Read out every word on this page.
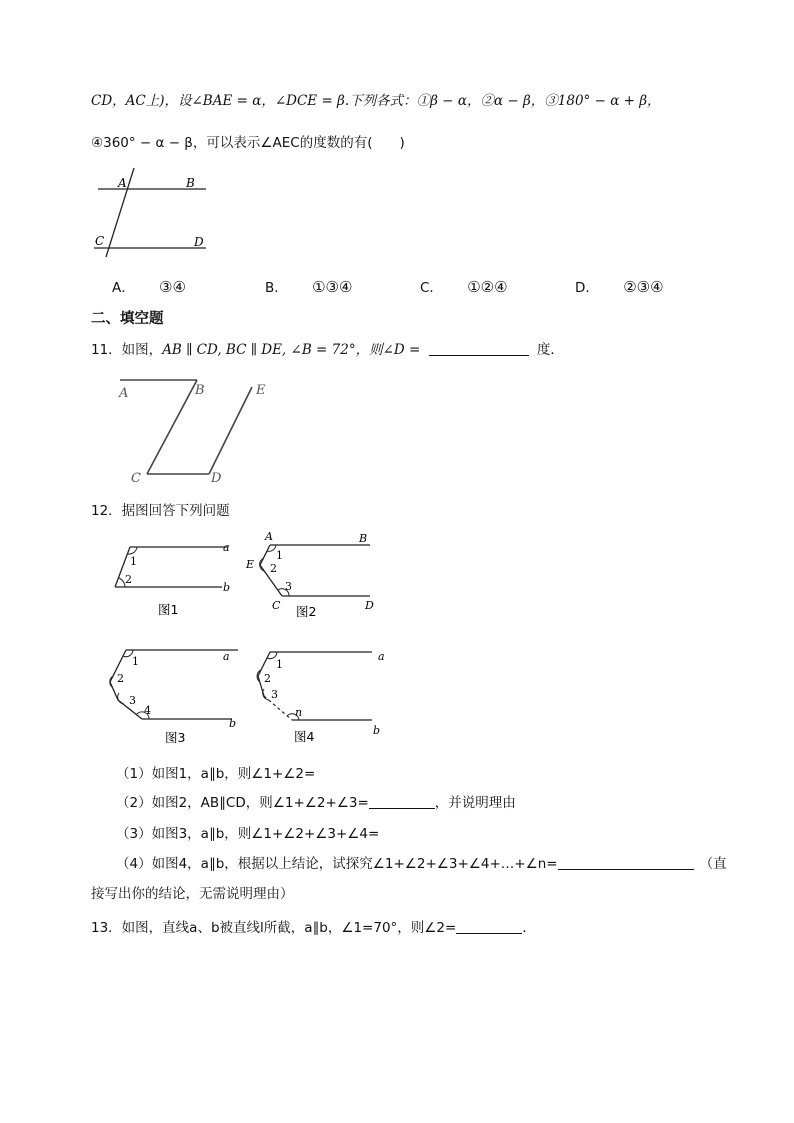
CD，AC上)，设∠BAE = α，∠DCE = β.下列各式：①β − α，②α − β，③180° − α + β，
④360° − α − β，可以表示∠AEC的度数的有(　　)
A	B
C	D
A． ③④	B． ①③④	C． ①②④	D． ②③④
二、填空题
11．如图，AB ∥ CD, BC ∥ DE, ∠B = 72°，则∠D =	度．
A	B	E
C	D
12．据图回答下列问题
1
2
a
b
图1
A	B
E
C	D
1
2
3
图2
1
2
3
4
a
b
图3
1
2
3
n
a
b
图4
（1）如图1，a∥b，则∠1+∠2=
（2）如图2，AB∥CD，则∠1+∠2+∠3=	，并说明理由
（3）如图3，a∥b，则∠1+∠2+∠3+∠4=
（4）如图4，a∥b，根据以上结论，试探究∠1+∠2+∠3+∠4+…+∠n=	（直
接写出你的结论，无需说明理由）
13．如图，直线a、b被直线l所截，a∥b，∠1=70°，则∠2=	．
